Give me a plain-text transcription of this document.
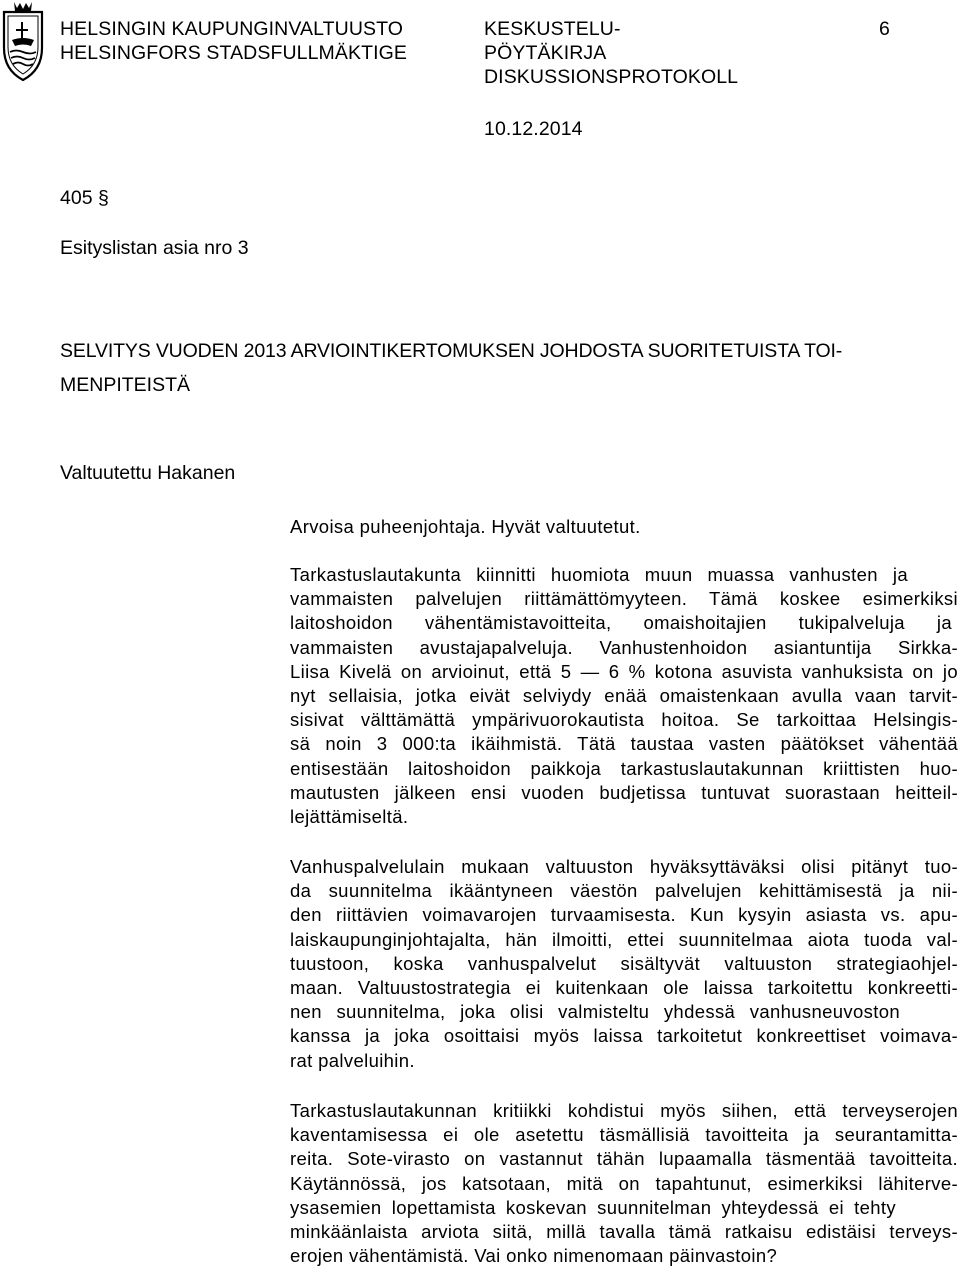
HELSINGIN KAUPUNGINVALTUUSTO
HELSINGFORS STADSFULLMÄKTIGE
KESKUSTELU-
PÖYTÄKIRJA
DISKUSSIONSPROTOKOLL
6
10.12.2014
405 §
Esityslistan asia nro 3
SELVITYS VUODEN 2013 ARVIOINTIKERTOMUKSEN JOHDOSTA SUORITETUISTA TOI-
MENPITEISTÄ
Valtuutettu Hakanen
Arvoisa puheenjohtaja. Hyvät valtuutetut.
Tarkastuslautakunta kiinnitti huomiota muun muassa vanhusten ja
vammaisten palvelujen riittämättömyyteen. Tämä koskee esimerkiksi
laitoshoidon vähentämistavoitteita, omaishoitajien tukipalveluja ja
vammaisten avustajapalveluja. Vanhustenhoidon asiantuntija Sirkka-
Liisa Kivelä on arvioinut, että 5 — 6 % kotona asuvista vanhuksista on jo
nyt sellaisia, jotka eivät selviydy enää omaistenkaan avulla vaan tarvit-
sisivat välttämättä ympärivuorokautista hoitoa. Se tarkoittaa Helsingis-
sä noin 3 000:ta ikäihmistä. Tätä taustaa vasten päätökset vähentää
entisestään laitoshoidon paikkoja tarkastuslautakunnan kriittisten huo-
mautusten jälkeen ensi vuoden budjetissa tuntuvat suorastaan heitteil-
lejättämiseltä.
Vanhuspalvelulain mukaan valtuuston hyväksyttäväksi olisi pitänyt tuo-
da suunnitelma ikääntyneen väestön palvelujen kehittämisestä ja nii-
den riittävien voimavarojen turvaamisesta. Kun kysyin asiasta vs. apu-
laiskaupunginjohtajalta, hän ilmoitti, ettei suunnitelmaa aiota tuoda val-
tuustoon, koska vanhuspalvelut sisältyvät valtuuston strategiaohjel-
maan. Valtuustostrategia ei kuitenkaan ole laissa tarkoitettu konkreetti-
nen suunnitelma, joka olisi valmisteltu yhdessä vanhusneuvoston
kanssa ja joka osoittaisi myös laissa tarkoitetut konkreettiset voimava-
rat palveluihin.
Tarkastuslautakunnan kritiikki kohdistui myös siihen, että terveyserojen
kaventamisessa ei ole asetettu täsmällisiä tavoitteita ja seurantamitta-
reita. Sote-virasto on vastannut tähän lupaamalla täsmentää tavoitteita.
Käytännössä, jos katsotaan, mitä on tapahtunut, esimerkiksi lähiterve-
ysasemien lopettamista koskevan suunnitelman yhteydessä ei tehty
minkäänlaista arviota siitä, millä tavalla tämä ratkaisu edistäisi terveys-
erojen vähentämistä. Vai onko nimenomaan päinvastoin?
